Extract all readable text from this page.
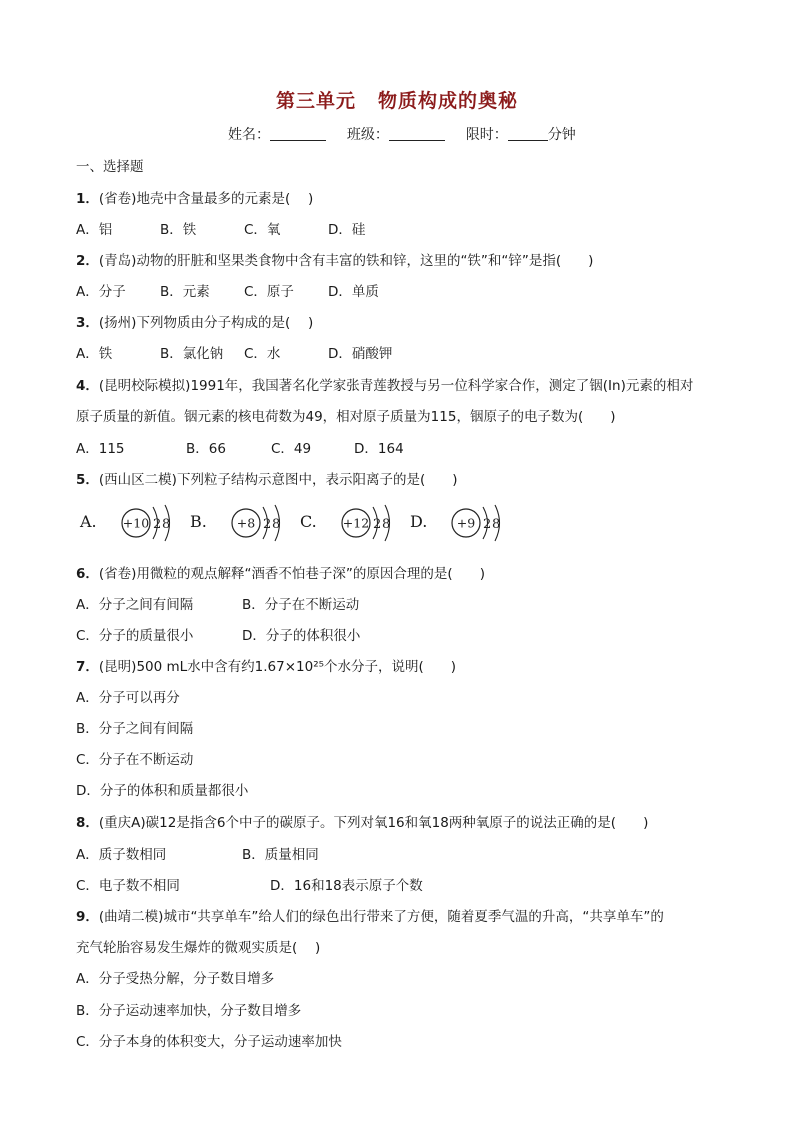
第三单元 物质构成的奥秘
姓名：	班级：	限时：	分钟
一、选择题
1．(省卷)地壳中含量最多的元素是(　 )
A．铝	B．铁	C．氧	D．硅
2．(青岛)动物的肝脏和坚果类食物中含有丰富的铁和锌，这里的“铁”和“锌”是指(　　)
A．分子	B．元素	C．原子	D．单质
3．(扬州)下列物质由分子构成的是(　 )
A．铁	B．氯化钠 C．水	D．硝酸钾
4．(昆明校际模拟)1991年，我国著名化学家张青莲教授与另一位科学家合作，测定了铟(In)元素的相对
原子质量的新值。铟元素的核电荷数为49，相对原子质量为115，铟原子的电子数为(　　)
A．115	B．66	C．49	D．164
5．(西山区二模)下列粒子结构示意图中，表示阳离子的是(　　)
A. +10 2 8 B. +8 2 8 C. +12 2 8 D. +9 2 8
6．(省卷)用微粒的观点解释“酒香不怕巷子深”的原因合理的是(　　)
A．分子之间有间隔	B．分子在不断运动
C．分子的质量很小	D．分子的体积很小
7．(昆明)500 mL水中含有约1.67×10²⁵个水分子，说明(　　)
A．分子可以再分
B．分子之间有间隔
C．分子在不断运动
D．分子的体积和质量都很小
8．(重庆A)碳12是指含6个中子的碳原子。下列对氧16和氧18两种氧原子的说法正确的是(　　)
A．质子数相同	B．质量相同
C．电子数不相同	D．16和18表示原子个数
9．(曲靖二模)城市“共享单车”给人们的绿色出行带来了方便，随着夏季气温的升高，“共享单车”的
充气轮胎容易发生爆炸的微观实质是(　 )
A．分子受热分解，分子数目增多
B．分子运动速率加快，分子数目增多
C．分子本身的体积变大，分子运动速率加快
